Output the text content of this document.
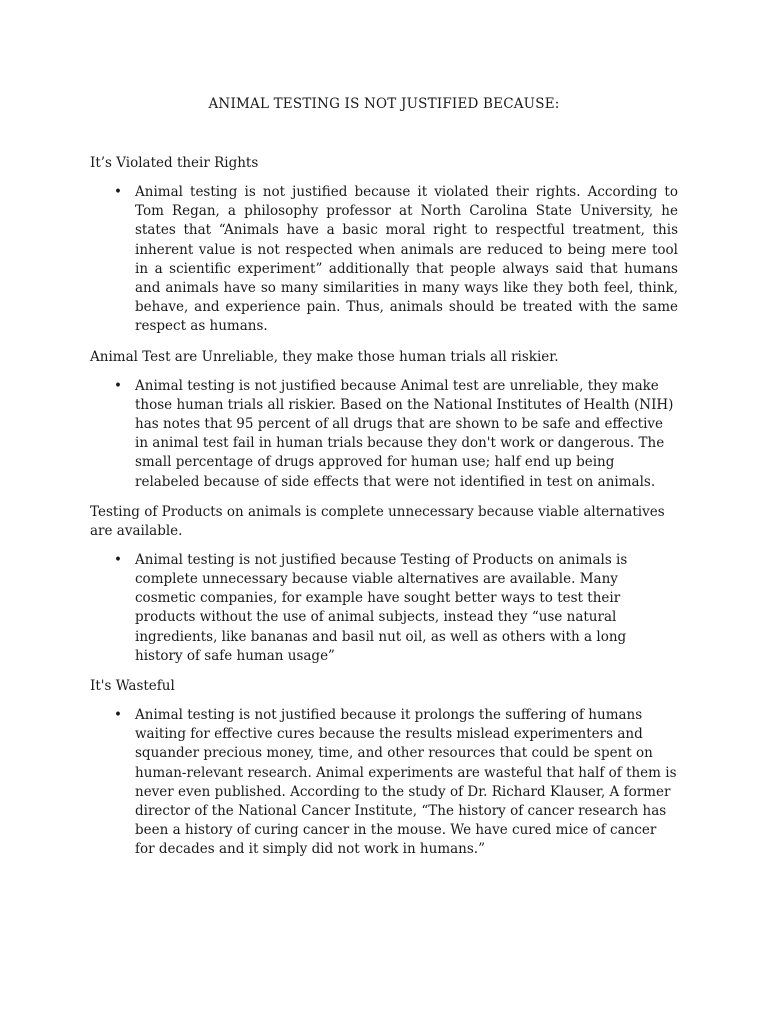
ANIMAL TESTING IS NOT JUSTIFIED BECAUSE:

It’s Violated their Rights

• Animal testing is not justified because it violated their rights. According to Tom Regan, a philosophy professor at North Carolina State University, he states that “Animals have a basic moral right to respectful treatment, this inherent value is not respected when animals are reduced to being mere tool in a scientific experiment” additionally that people always said that humans and animals have so many similarities in many ways like they both feel, think, behave, and experience pain. Thus, animals should be treated with the same respect as humans.

Animal Test are Unreliable, they make those human trials all riskier.

• Animal testing is not justified because Animal test are unreliable, they make those human trials all riskier. Based on the National Institutes of Health (NIH) has notes that 95 percent of all drugs that are shown to be safe and effective in animal test fail in human trials because they don't work or dangerous. The small percentage of drugs approved for human use; half end up being relabeled because of side effects that were not identified in test on animals.

Testing of Products on animals is complete unnecessary because viable alternatives are available.

• Animal testing is not justified because Testing of Products on animals is complete unnecessary because viable alternatives are available. Many cosmetic companies, for example have sought better ways to test their products without the use of animal subjects, instead they “use natural ingredients, like bananas and basil nut oil, as well as others with a long history of safe human usage”

It's Wasteful

• Animal testing is not justified because it prolongs the suffering of humans waiting for effective cures because the results mislead experimenters and squander precious money, time, and other resources that could be spent on human-relevant research. Animal experiments are wasteful that half of them is never even published. According to the study of Dr. Richard Klauser, A former director of the National Cancer Institute, “The history of cancer research has been a history of curing cancer in the mouse. We have cured mice of cancer for decades and it simply did not work in humans.”
